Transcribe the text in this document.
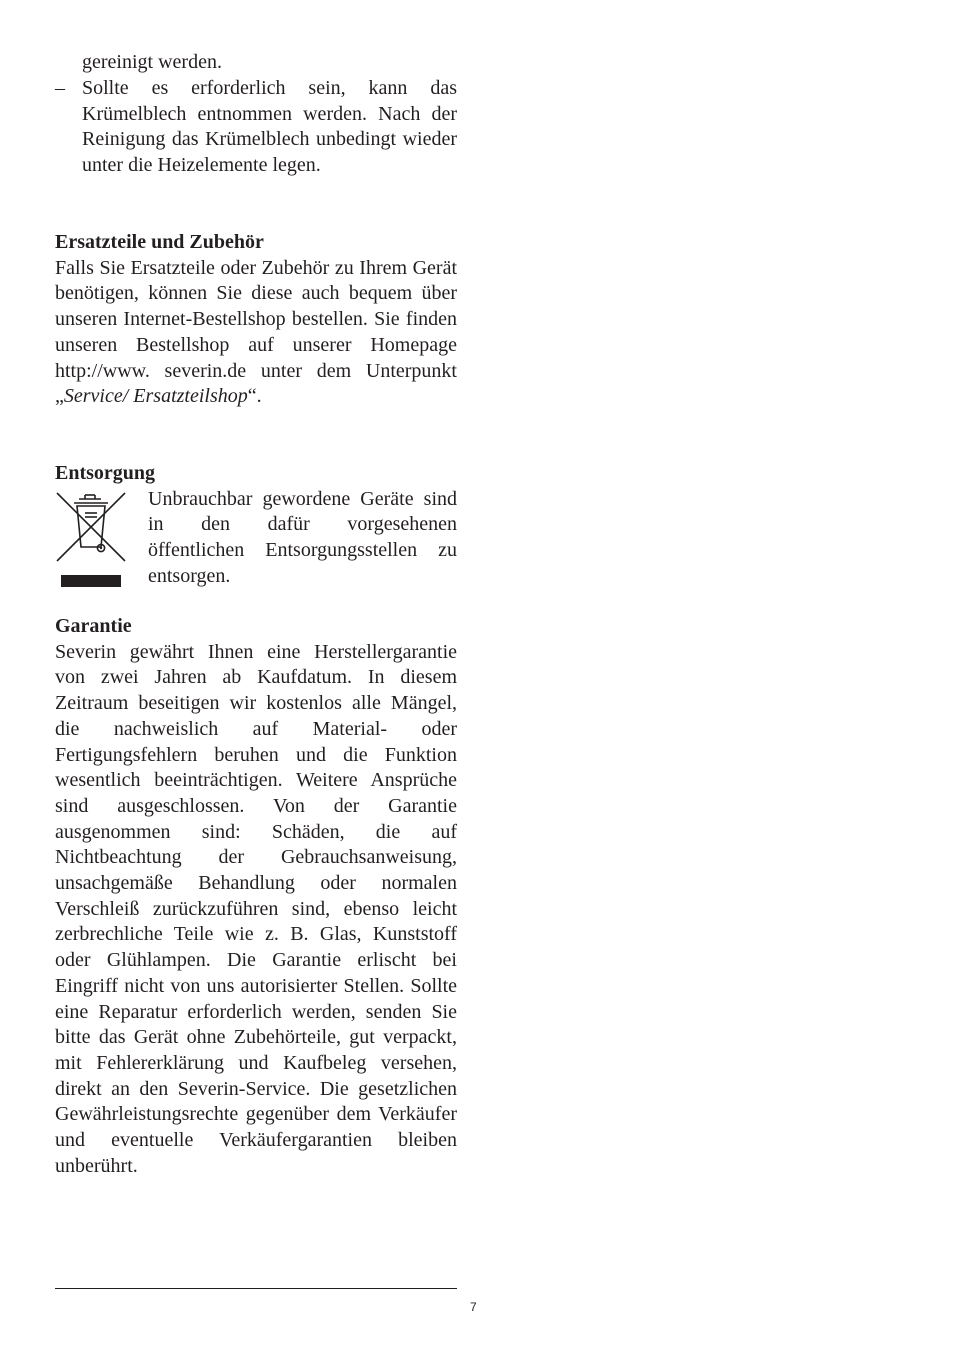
gereinigt werden.
– Sollte es erforderlich sein, kann das Krümelblech entnommen werden. Nach der Reinigung das Krümelblech unbedingt wieder unter die Heizelemente legen.
Ersatzteile und Zubehör

Falls Sie Ersatzteile oder Zubehör zu Ihrem Gerät benötigen, können Sie diese auch bequem über unseren Internet-Bestellshop bestellen. Sie finden unseren Bestellshop auf unserer Homepage http://www. severin.de unter dem Unterpunkt „Service/ Ersatzteilshop“.

Entsorgung
Unbrauchbar gewordene Geräte sind in den dafür vorgesehenen öffentlichen Entsorgungsstellen zu entsorgen.
Garantie

Severin gewährt Ihnen eine Herstellergarantie von zwei Jahren ab Kaufdatum. In diesem Zeitraum beseitigen wir kostenlos alle Mängel, die nachweislich auf Material- oder Fertigungsfehlern beruhen und die Funktion wesentlich beeinträchtigen. Weitere Ansprüche sind ausgeschlossen. Von der Garantie ausgenommen sind: Schäden, die auf Nichtbeachtung der Gebrauchsanweisung, unsachgemäße Behandlung oder normalen Verschleiß zurückzuführen sind, ebenso leicht zerbrechliche Teile wie z. B. Glas, Kunststoff oder Glühlampen. Die Garantie erlischt bei Eingriff nicht von uns autorisierter Stellen. Sollte eine Reparatur erforderlich werden, senden Sie bitte das Gerät ohne Zubehörteile, gut verpackt, mit Fehlererklärung und Kaufbeleg versehen, direkt an den Severin-Service. Die gesetzlichen Gewährleistungsrechte gegenüber dem Verkäufer und eventuelle Verkäufergarantien bleiben unberührt.

7
